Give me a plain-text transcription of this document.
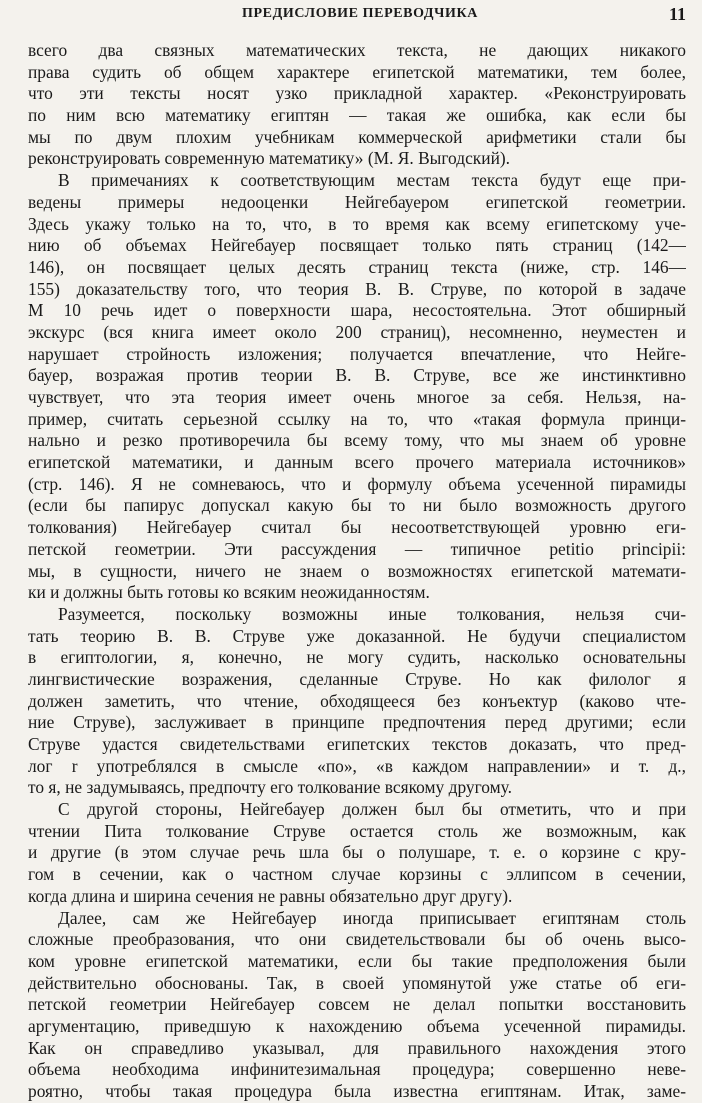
ПРЕДИСЛОВИЕ ПЕРЕВОДЧИКА	11
всего два связных математических текста, не дающих никакого
права судить об общем характере египетской математики, тем более,
что эти тексты носят узко прикладной характер. «Реконструировать
по ним всю математику египтян — такая же ошибка, как если бы
мы по двум плохим учебникам коммерческой арифметики стали бы
реконструировать современную математику» (М. Я. Выгодский).
В примечаниях к соответствующим местам текста будут еще при-
ведены примеры недооценки Нейгебауером египетской геометрии.
Здесь укажу только на то, что, в то время как всему египетскому уче-
нию об объемах Нейгебауер посвящает только пять страниц (142—
146), он посвящает целых десять страниц текста (ниже, стр. 146—
155) доказательству того, что теория В. В. Струве, по которой в задаче
М 10 речь идет о поверхности шара, несостоятельна. Этот обширный
экскурс (вся книга имеет около 200 страниц), несомненно, неуместен и
нарушает стройность изложения; получается впечатление, что Нейге-
бауер, возражая против теории В. В. Струве, все же инстинктивно
чувствует, что эта теория имеет очень многое за себя. Нельзя, на-
пример, считать серьезной ссылку на то, что «такая формула принци-
нально и резко противоречила бы всему тому, что мы знаем об уровне
египетской математики, и данным всего прочего материала источников»
(стр. 146). Я не сомневаюсь, что и формулу объема усеченной пирамиды
(если бы папирус допускал какую бы то ни было возможность другого
толкования) Нейгебауер считал бы несоответствующей уровню еги-
петской геометрии. Эти рассуждения — типичное petitio principii:
мы, в сущности, ничего не знаем о возможностях египетской математи-
ки и должны быть готовы ко всяким неожиданностям.
Разумеется, поскольку возможны иные толкования, нельзя счи-
тать теорию В. В. Струве уже доказанной. Не будучи специалистом
в египтологии, я, конечно, не могу судить, насколько основательны
лингвистические возражения, сделанные Струве. Но как филолог я
должен заметить, что чтение, обходящееся без конъектур (каково чте-
ние Струве), заслуживает в принципе предпочтения перед другими; если
Струве удастся свидетельствами египетских текстов доказать, что пред-
лог r употреблялся в смысле «по», «в каждом направлении» и т. д.,
то я, не задумываясь, предпочту его толкование всякому другому.
С другой стороны, Нейгебауер должен был бы отметить, что и при
чтении Пита толкование Струве остается столь же возможным, как
и другие (в этом случае речь шла бы о полушаре, т. е. о корзине с кру-
гом в сечении, как о частном случае корзины с эллипсом в сечении,
когда длина и ширина сечения не равны обязательно друг другу).
Далее, сам же Нейгебауер иногда приписывает египтянам столь
сложные преобразования, что они свидетельствовали бы об очень высо-
ком уровне египетской математики, если бы такие предположения были
действительно обоснованы. Так, в своей упомянутой уже статье об еги-
петской геометрии Нейгебауер совсем не делал попытки восстановить
аргументацию, приведшую к нахождению объема усеченной пирамиды.
Как он справедливо указывал, для правильного нахождения этого
объема необходима инфинитезимальная процедура; совершенно неве-
роятно, чтобы такая процедура была известна египтянам. Итак, заме-
